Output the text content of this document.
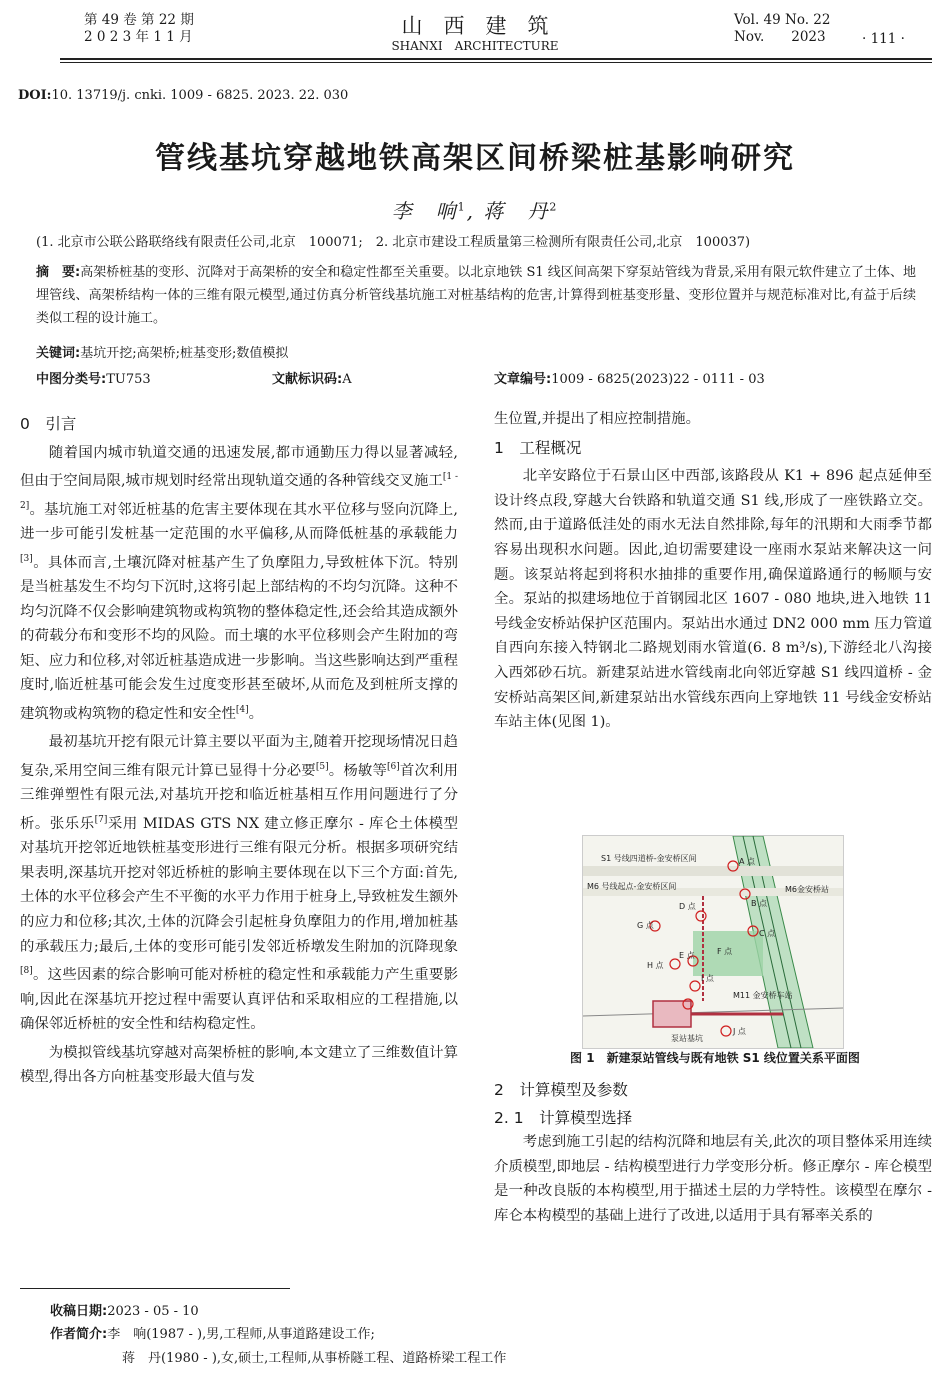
第 49 卷 第 22 期
2 0 2 3 年 1 1 月	山　西　建　筑
SHANXI　ARCHITECTURE
Vol. 49 No. 22
Nov.　　2023	· 111 ·
DOI:10. 13719/j. cnki. 1009 - 6825. 2023. 22. 030
管线基坑穿越地铁高架区间桥梁桩基影响研究
李　响$^1$, 蒋　丹$^2$
(1. 北京市公联公路联络线有限责任公司,北京　100071;　2. 北京市建设工程质量第三检测所有限责任公司,北京　100037)
摘　要:高架桥桩基的变形、沉降对于高架桥的安全和稳定性都至关重要。以北京地铁 S1 线区间高架下穿泵站管线为背景,采用有限元软件建立了土体、地埋管线、高架桥结构一体的三维有限元模型,通过仿真分析管线基坑施工对桩基结构的危害,计算得到桩基变形量、变形位置并与规范标准对比,有益于后续类似工程的设计施工。
关键词:基坑开挖;高架桥;桩基变形;数值模拟
中图分类号:TU753	文献标识码:A	文章编号:1009 - 6825(2023)22 - 0111 - 03
0　引言

随着国内城市轨道交通的迅速发展,都市通勤压力得以显著减轻,但由于空间局限,城市规划时经常出现轨道交通的各种管线交叉施工[1 - 2]。基坑施工对邻近桩基的危害主要体现在其水平位移与竖向沉降上,进一步可能引发桩基一定范围的水平偏移,从而降低桩基的承载能力[3]。具体而言,土壤沉降对桩基产生了负摩阻力,导致桩体下沉。特别是当桩基发生不均匀下沉时,这将引起上部结构的不均匀沉降。这种不均匀沉降不仅会影响建筑物或构筑物的整体稳定性,还会给其造成额外的荷载分布和变形不均的风险。而土壤的水平位移则会产生附加的弯矩、应力和位移,对邻近桩基造成进一步影响。当这些影响达到严重程度时,临近桩基可能会发生过度变形甚至破坏,从而危及到桩所支撑的建筑物或构筑物的稳定性和安全性[4]。

最初基坑开挖有限元计算主要以平面为主,随着开挖现场情况日趋复杂,采用空间三维有限元计算已显得十分必要[5]。杨敏等[6]首次利用三维弹塑性有限元法,对基坑开挖和临近桩基相互作用问题进行了分析。张乐乐[7]采用 MIDAS GTS NX 建立修正摩尔 - 库仑土体模型对基坑开挖邻近地铁桩基变形进行三维有限元分析。根据多项研究结果表明,深基坑开挖对邻近桥桩的影响主要体现在以下三个方面:首先,土体的水平位移会产生不平衡的水平力作用于桩身上,导致桩发生额外的应力和位移;其次,土体的沉降会引起桩身负摩阻力的作用,增加桩基的承载压力;最后,土体的变形可能引发邻近桥墩发生附加的沉降现象[8]。这些因素的综合影响可能对桥桩的稳定性和承载能力产生重要影响,因此在深基坑开挖过程中需要认真评估和采取相应的工程措施,以确保邻近桥桩的安全性和结构稳定性。

为模拟管线基坑穿越对高架桥桩的影响,本文建立了三维数值计算模型,得出各方向桩基变形最大值与发

生位置,并提出了相应控制措施。

1　工程概况

北辛安路位于石景山区中西部,该路段从 K1 + 896 起点延伸至设计终点段,穿越大台铁路和轨道交通 S1 线,形成了一座铁路立交。然而,由于道路低洼处的雨水无法自然排除,每年的汛期和大雨季节都容易出现积水问题。因此,迫切需要建设一座雨水泵站来解决这一问题。该泵站将起到将积水抽排的重要作用,确保道路通行的畅顺与安全。泵站的拟建场地位于首钢园北区 1607 - 080 地块,进入地铁 11 号线金安桥站保护区范围内。泵站出水通过 DN2 000 mm 压力管道自西向东接入特钢北二路规划雨水管道(6. 8 m³/s),下游经北八沟接入西郊砂石坑。新建泵站进水管线南北向邻近穿越 S1 线四道桥 - 金安桥站高架区间,新建泵站出水管线东西向上穿地铁 11 号线金安桥站车站主体(见图 1)。

S1 号线四道桥-金安桥区间
M6 号线起点-金安桥区间	M6金安桥站
M11 金安桥车站
泵站基坑
A 点
B 点
C 点
D 点
E 点	F 点
G 点
H 点
I 点
J 点
图 1　新建泵站管线与既有地铁 S1 线位置关系平面图
2　计算模型及参数
2. 1　计算模型选择

考虑到施工引起的结构沉降和地层有关,此次的项目整体采用连续介质模型,即地层 - 结构模型进行力学变形分析。修正摩尔 - 库仑模型是一种改良版的本构模型,用于描述土层的力学特性。该模型在摩尔 - 库仑本构模型的基础上进行了改进,以适用于具有幂率关系的

收稿日期:2023 - 05 - 10
作者简介:李　响(1987 - ),男,工程师,从事道路建设工作;
蒋　丹(1980 - ),女,硕士,工程师,从事桥隧工程、道路桥梁工程工作
